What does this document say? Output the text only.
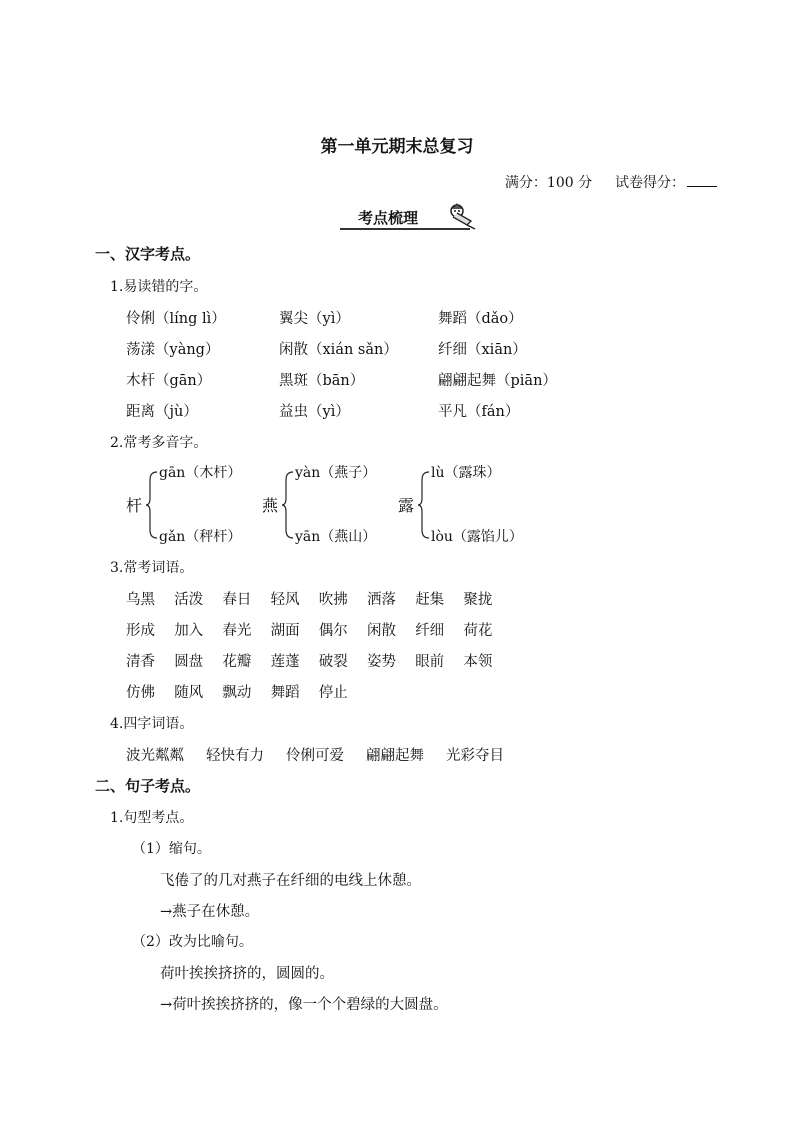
第一单元期末总复习
满分：100 分 试卷得分：
考点梳理
一、汉字考点。
1.易读错的字。
伶俐（líng lì）	翼尖（yì）	舞蹈（dǎo）
荡漾（yàng）	闲散（xián sǎn）	纤细（xiān）
木杆（gān）	黑斑（bān）	翩翩起舞（piān）
距离（jù）	益虫（yì）	平凡（fán）
2.常考多音字。
杆
gān（木杆）
gǎn（秤杆）
燕
yàn（燕子）
yān（燕山）
露
lù（露珠）
lòu（露馅儿）
3.常考词语。
乌黑 活泼 春日 轻风 吹拂 洒落 赶集 聚拢
形成 加入 春光 湖面 偶尔 闲散 纤细 荷花
清香 圆盘 花瓣 莲蓬 破裂 姿势 眼前 本领
仿佛 随风 飘动 舞蹈 停止
4.四字词语。
波光粼粼 轻快有力 伶俐可爱 翩翩起舞 光彩夺目
二、句子考点。
1.句型考点。
（1）缩句。
飞倦了的几对燕子在纤细的电线上休憩。
→燕子在休憩。
（2）改为比喻句。
荷叶挨挨挤挤的，圆圆的。
→荷叶挨挨挤挤的，像一个个碧绿的大圆盘。
